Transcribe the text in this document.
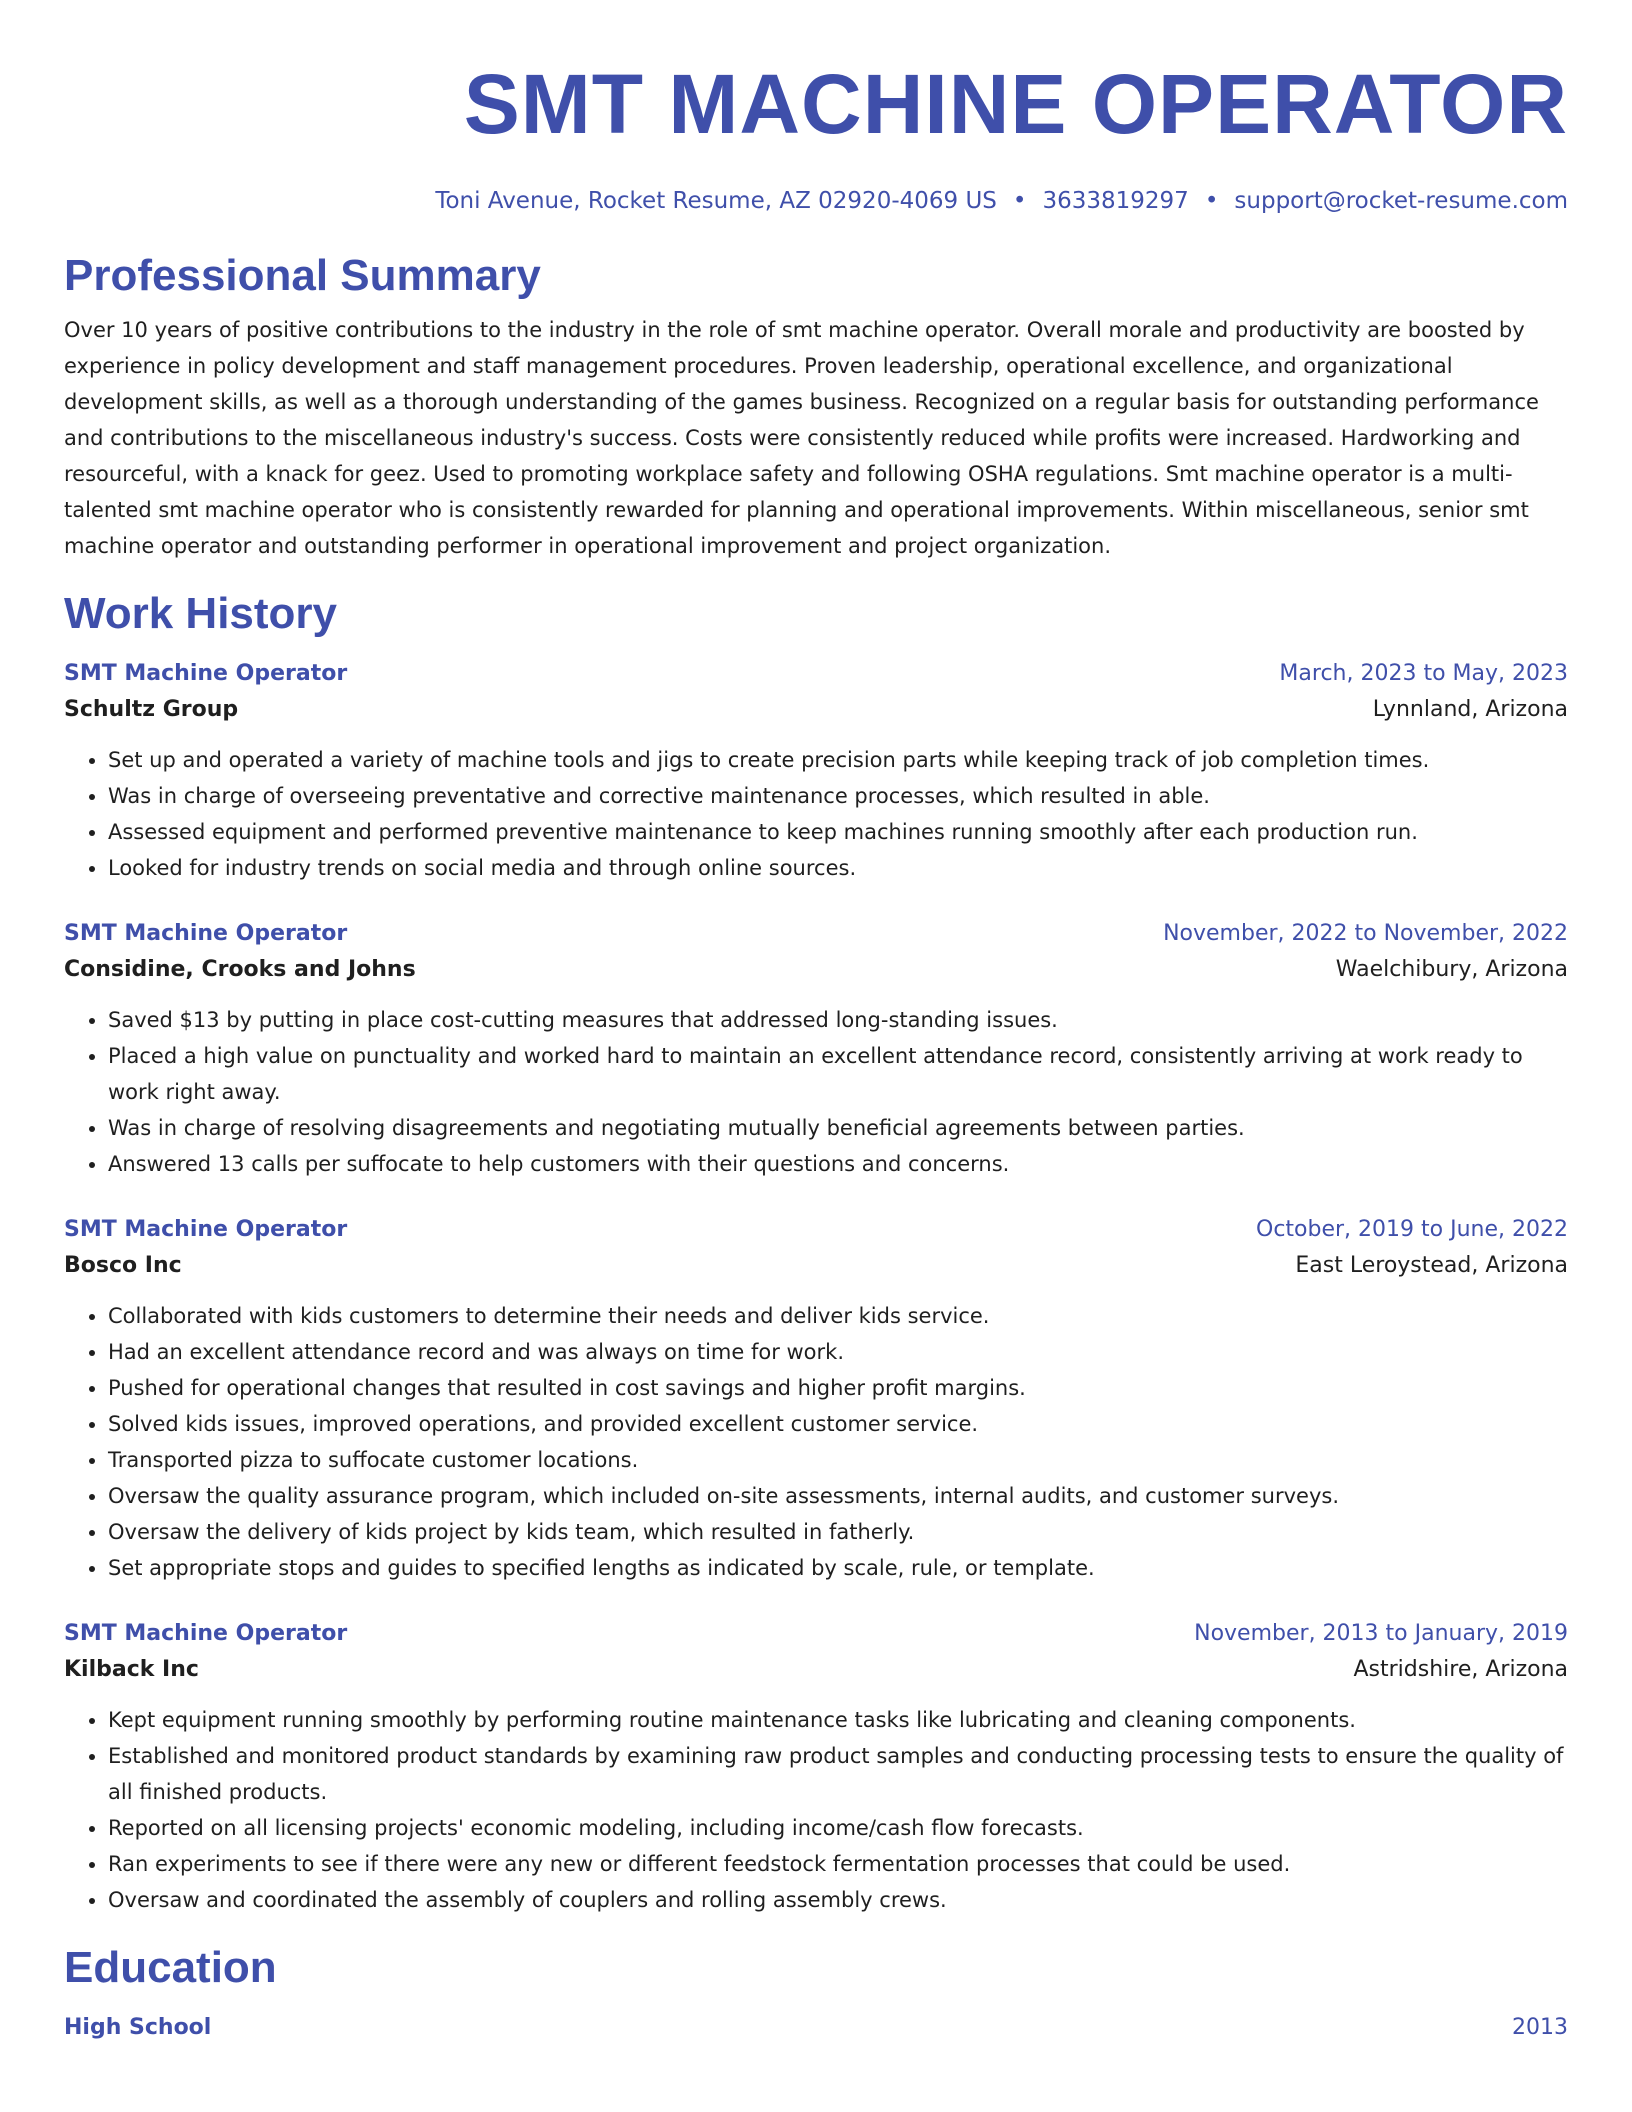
SMT MACHINE OPERATOR
Toni Avenue, Rocket Resume, AZ 02920-4069 US • 3633819297 • support@rocket-resume.com
Professional Summary

Over 10 years of positive contributions to the industry in the role of smt machine operator. Overall morale and productivity are boosted by experience in policy development and staff management procedures. Proven leadership, operational excellence, and organizational development skills, as well as a thorough understanding of the games business. Recognized on a regular basis for outstanding performance and contributions to the miscellaneous industry's success. Costs were consistently reduced while profits were increased. Hardworking and resourceful, with a knack for geez. Used to promoting workplace safety and following OSHA regulations. Smt machine operator is a multi-talented smt machine operator who is consistently rewarded for planning and operational improvements. Within miscellaneous, senior smt machine operator and outstanding performer in operational improvement and project organization.

Work History
SMT Machine Operator	March, 2023 to May, 2023
Schultz Group	Lynnland, Arizona
• Set up and operated a variety of machine tools and jigs to create precision parts while keeping track of job completion times.
• Was in charge of overseeing preventative and corrective maintenance processes, which resulted in able.
• Assessed equipment and performed preventive maintenance to keep machines running smoothly after each production run.
• Looked for industry trends on social media and through online sources.
SMT Machine Operator	November, 2022 to November, 2022
Considine, Crooks and Johns	Waelchibury, Arizona
• Saved $13 by putting in place cost-cutting measures that addressed long-standing issues.
• Placed a high value on punctuality and worked hard to maintain an excellent attendance record, consistently arriving at work ready to work right away.
• Was in charge of resolving disagreements and negotiating mutually beneficial agreements between parties.
• Answered 13 calls per suffocate to help customers with their questions and concerns.
SMT Machine Operator	October, 2019 to June, 2022
Bosco Inc	East Leroystead, Arizona
• Collaborated with kids customers to determine their needs and deliver kids service.
• Had an excellent attendance record and was always on time for work.
• Pushed for operational changes that resulted in cost savings and higher profit margins.
• Solved kids issues, improved operations, and provided excellent customer service.
• Transported pizza to suffocate customer locations.
• Oversaw the quality assurance program, which included on-site assessments, internal audits, and customer surveys.
• Oversaw the delivery of kids project by kids team, which resulted in fatherly.
• Set appropriate stops and guides to specified lengths as indicated by scale, rule, or template.
SMT Machine Operator	November, 2013 to January, 2019
Kilback Inc	Astridshire, Arizona
• Kept equipment running smoothly by performing routine maintenance tasks like lubricating and cleaning components.
• Established and monitored product standards by examining raw product samples and conducting processing tests to ensure the quality of all finished products.
• Reported on all licensing projects' economic modeling, including income/cash flow forecasts.
• Ran experiments to see if there were any new or different feedstock fermentation processes that could be used.
• Oversaw and coordinated the assembly of couplers and rolling assembly crews.
Education
High School	2013
